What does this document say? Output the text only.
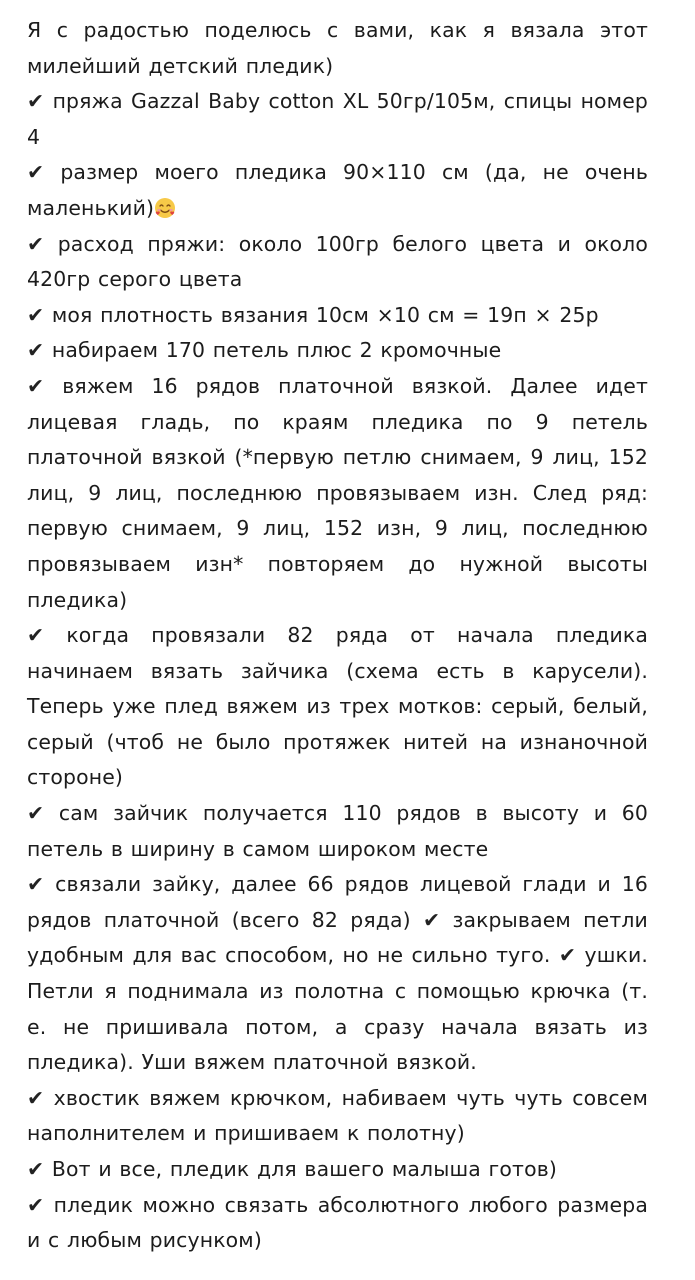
Я с радостью поделюсь с вами, как я вязала этот милейший детский пледик)

✔ пряжа Gazzal Baby cotton XL 50гр/105м, спицы номер 4

✔ размер моего пледика 90×110 см (да, не очень маленький)

✔ расход пряжи: около 100гр белого цвета и около 420гр серого цвета

✔ моя плотность вязания 10см ×10 см = 19п × 25р

✔ набираем 170 петель плюс 2 кромочные

✔ вяжем 16 рядов платочной вязкой. Далее идет лицевая гладь, по краям пледика по 9 петель платочной вязкой (*первую петлю снимаем, 9 лиц, 152 лиц, 9 лиц, последнюю провязываем изн. След ряд: первую снимаем, 9 лиц, 152 изн, 9 лиц, последнюю провязываем изн* повторяем до нужной высоты пледика)

✔ когда провязали 82 ряда от начала пледика начинаем вязать зайчика (схема есть в карусели). Теперь уже плед вяжем из трех мотков: серый, белый, серый (чтоб не было протяжек нитей на изнаночной стороне)

✔ сам зайчик получается 110 рядов в высоту и 60 петель в ширину в самом широком месте

✔ связали зайку, далее 66 рядов лицевой глади и 16 рядов платочной (всего 82 ряда) ✔ закрываем петли удобным для вас способом, но не сильно туго. ✔ ушки. Петли я поднимала из полотна с помощью крючка (т. е. не пришивала потом, а сразу начала вязать из пледика). Уши вяжем платочной вязкой.

✔ хвостик вяжем крючком, набиваем чуть чуть совсем наполнителем и пришиваем к полотну)

✔ Вот и все, пледик для вашего малыша готов)

✔ пледик можно связать абсолютного любого размера и с любым рисунком)
